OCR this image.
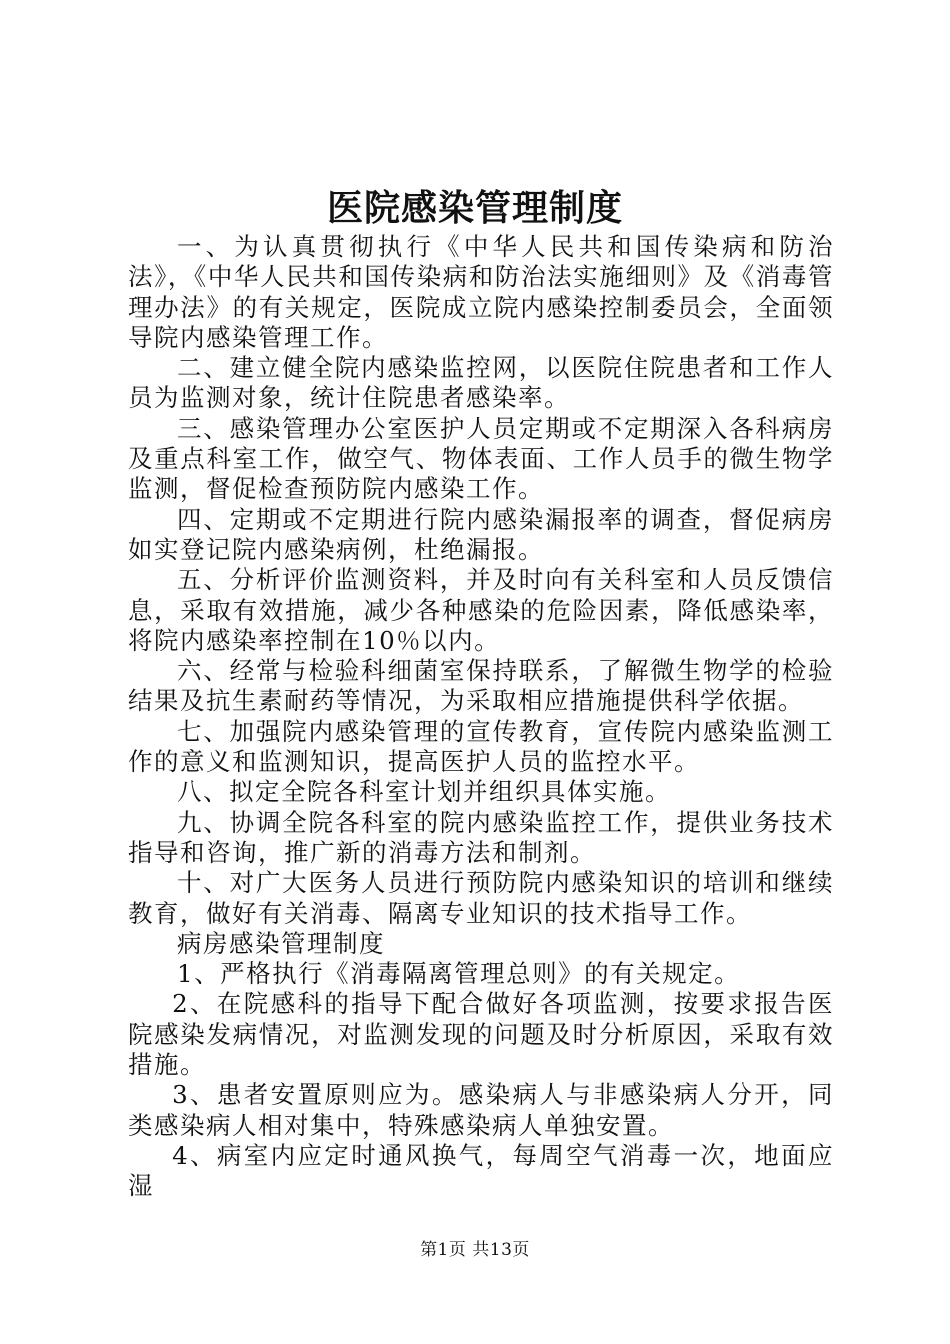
医院感染管理制度

一、为认真贯彻执行《中华人民共和国传染病和防治法》，《中华人民共和国传染病和防治法实施细则》及《消毒管理办法》的有关规定，医院成立院内感染控制委员会，全面领导院内感染管理工作。

二、建立健全院内感染监控网，以医院住院患者和工作人员为监测对象，统计住院患者感染率。

三、感染管理办公室医护人员定期或不定期深入各科病房及重点科室工作，做空气、物体表面、工作人员手的微生物学监测，督促检查预防院内感染工作。

四、定期或不定期进行院内感染漏报率的调查，督促病房如实登记院内感染病例，杜绝漏报。

五、分析评价监测资料，并及时向有关科室和人员反馈信息，采取有效措施，减少各种感染的危险因素，降低感染率，将院内感染率控制在10％以内。

六、经常与检验科细菌室保持联系，了解微生物学的检验结果及抗生素耐药等情况，为采取相应措施提供科学依据。

七、加强院内感染管理的宣传教育，宣传院内感染监测工作的意义和监测知识，提高医护人员的监控水平。

八、拟定全院各科室计划并组织具体实施。

九、协调全院各科室的院内感染监控工作，提供业务技术指导和咨询，推广新的消毒方法和制剂。

十、对广大医务人员进行预防院内感染知识的培训和继续教育，做好有关消毒、隔离专业知识的技术指导工作。

病房感染管理制度

1、严格执行《消毒隔离管理总则》的有关规定。

2、在院感科的指导下配合做好各项监测，按要求报告医院感染发病情况，对监测发现的问题及时分析原因，采取有效措施。

3、患者安置原则应为。感染病人与非感染病人分开，同类感染病人相对集中，特殊感染病人单独安置。

4、病室内应定时通风换气，每周空气消毒一次，地面应湿

第1页 共13页
